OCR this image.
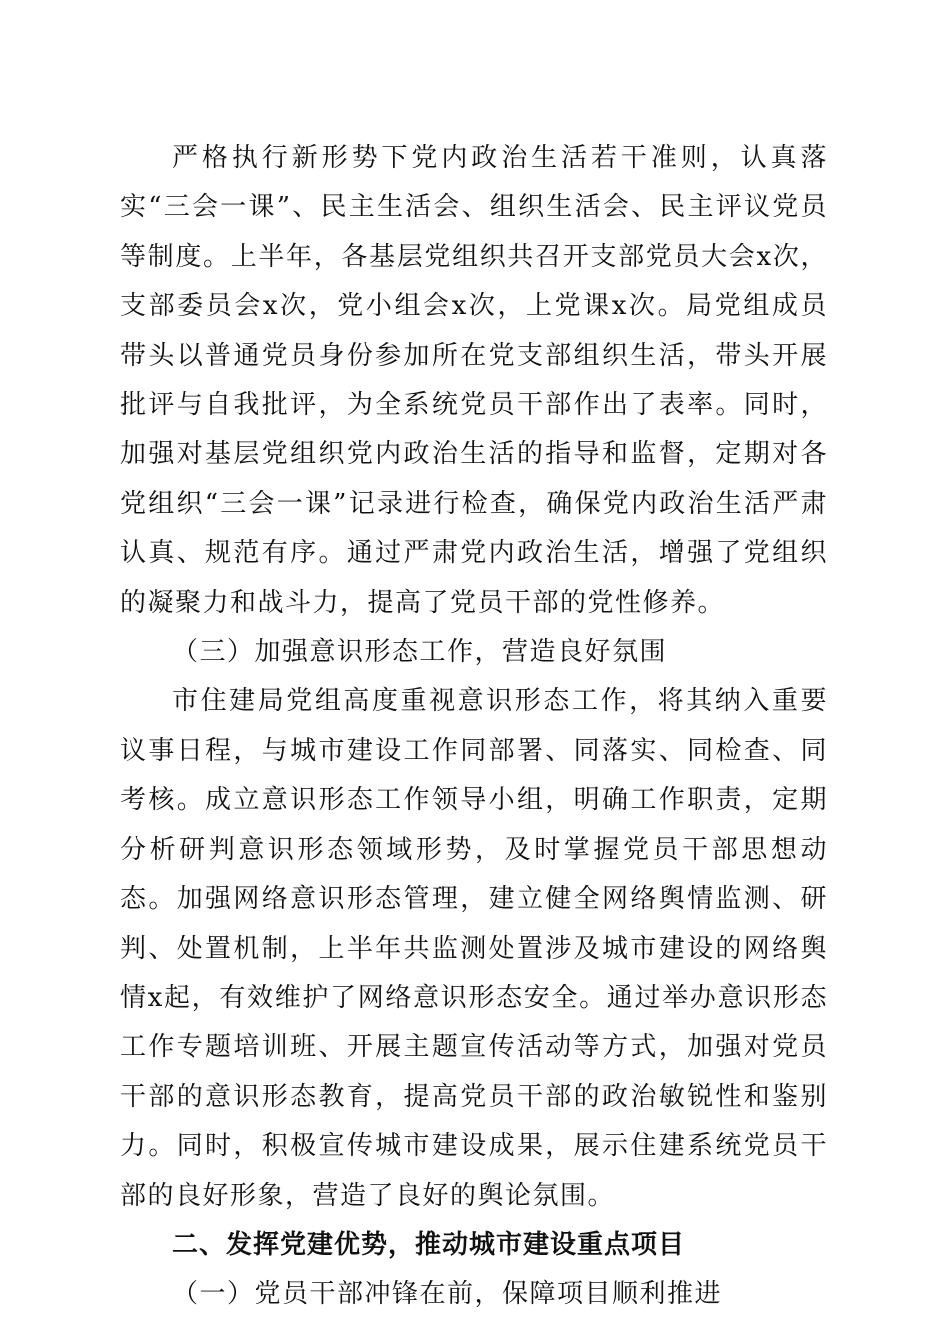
严格执行新形势下党内政治生活若干准则，认真落实“三会一课”、民主生活会、组织生活会、民主评议党员等制度。上半年，各基层党组织共召开支部党员大会x次，支部委员会x次，党小组会x次，上党课x次。局党组成员带头以普通党员身份参加所在党支部组织生活，带头开展批评与自我批评，为全系统党员干部作出了表率。同时，加强对基层党组织党内政治生活的指导和监督，定期对各党组织“三会一课”记录进行检查，确保党内政治生活严肃认真、规范有序。通过严肃党内政治生活，增强了党组织的凝聚力和战斗力，提高了党员干部的党性修养。

（三）加强意识形态工作，营造良好氛围

市住建局党组高度重视意识形态工作，将其纳入重要议事日程，与城市建设工作同部署、同落实、同检查、同考核。成立意识形态工作领导小组，明确工作职责，定期分析研判意识形态领域形势，及时掌握党员干部思想动态。加强网络意识形态管理，建立健全网络舆情监测、研判、处置机制，上半年共监测处置涉及城市建设的网络舆情x起，有效维护了网络意识形态安全。通过举办意识形态工作专题培训班、开展主题宣传活动等方式，加强对党员干部的意识形态教育，提高党员干部的政治敏锐性和鉴别力。同时，积极宣传城市建设成果，展示住建系统党员干部的良好形象，营造了良好的舆论氛围。

二、发挥党建优势，推动城市建设重点项目

（一）党员干部冲锋在前，保障项目顺利推进
